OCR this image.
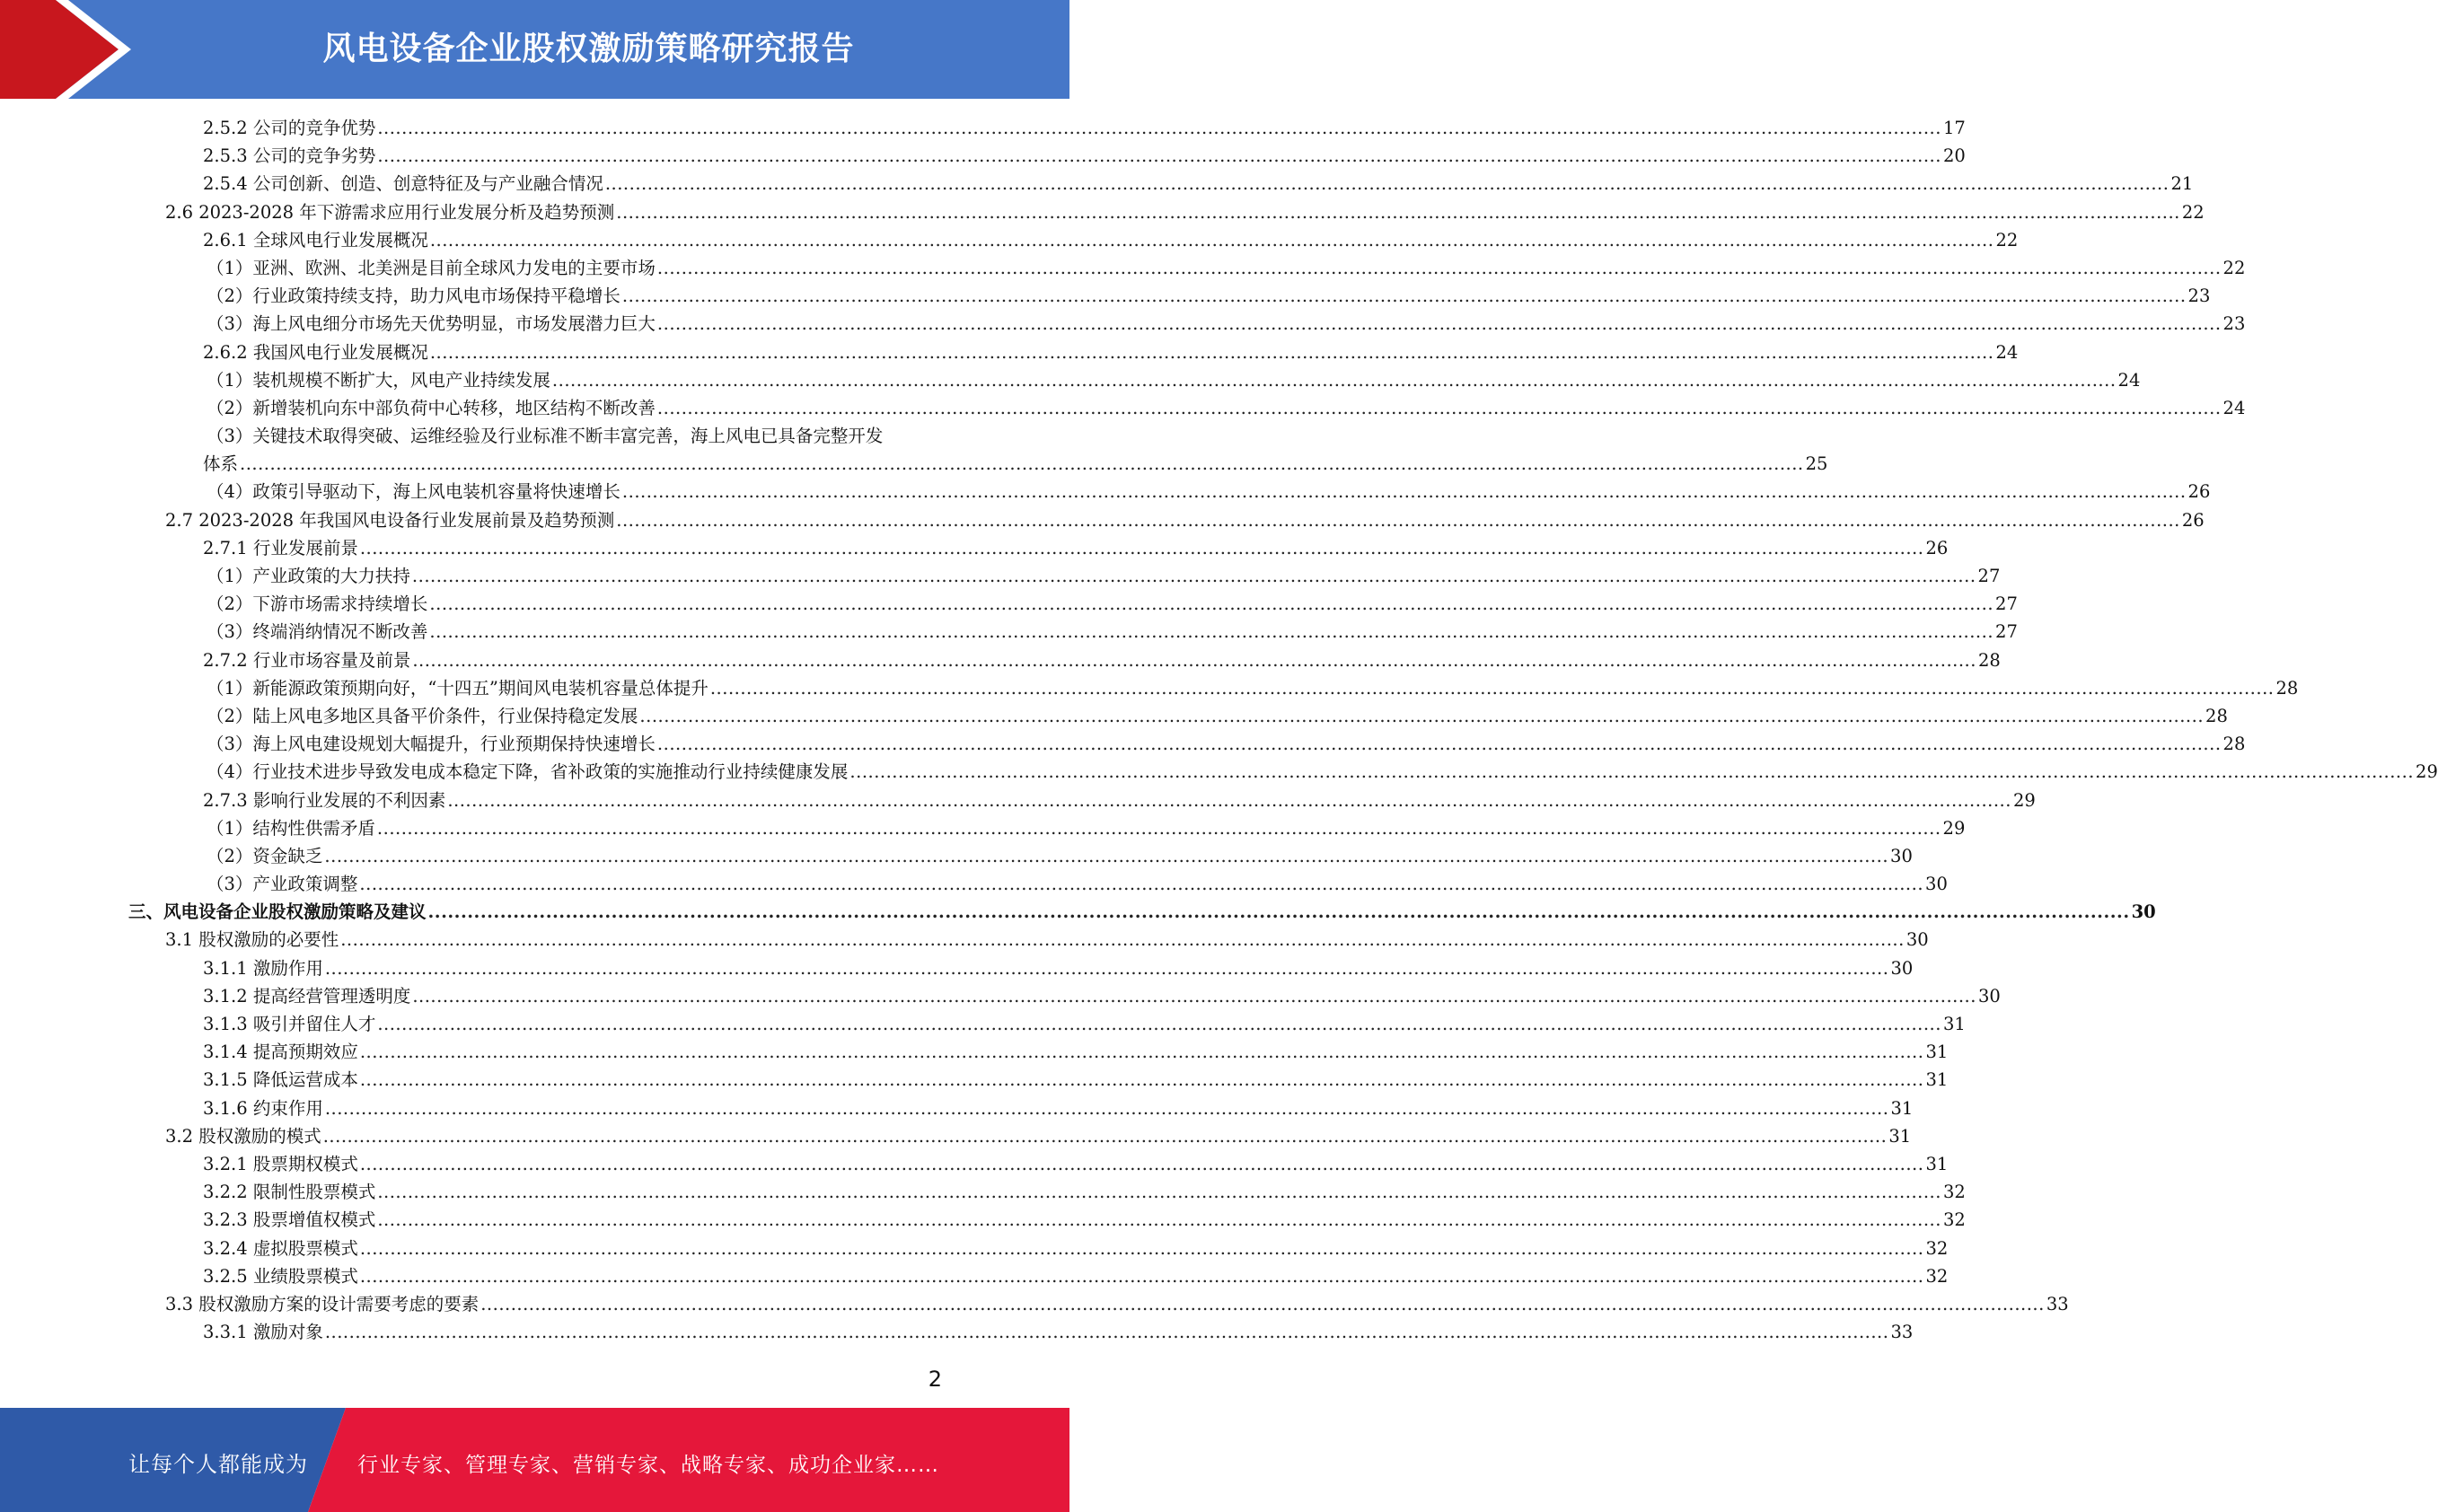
风电设备企业股权激励策略研究报告
2.5.2 公司的竞争优势 .................................................................................................................................................................................................................................................................... 17
2.5.3 公司的竞争劣势 .................................................................................................................................................................................................................................................................... 20
2.5.4 公司创新、创造、创意特征及与产业融合情况 .................................................................................................................................................................................................................................................................... 21
2.6 2023-2028 年下游需求应用行业发展分析及趋势预测 .................................................................................................................................................................................................................................................................... 22
2.6.1 全球风电行业发展概况 .................................................................................................................................................................................................................................................................... 22
（1）亚洲、欧洲、北美洲是目前全球风力发电的主要市场 .................................................................................................................................................................................................................................................................... 22
（2）行业政策持续支持，助力风电市场保持平稳增长 .................................................................................................................................................................................................................................................................... 23
（3）海上风电细分市场先天优势明显，市场发展潜力巨大 .................................................................................................................................................................................................................................................................... 23
2.6.2 我国风电行业发展概况 .................................................................................................................................................................................................................................................................... 24
（1）装机规模不断扩大，风电产业持续发展 .................................................................................................................................................................................................................................................................... 24
（2）新增装机向东中部负荷中心转移，地区结构不断改善 .................................................................................................................................................................................................................................................................... 24
（3）关键技术取得突破、运维经验及行业标准不断丰富完善，海上风电已具备完整开发
体系 .................................................................................................................................................................................................................................................................... 25
（4）政策引导驱动下，海上风电装机容量将快速增长 .................................................................................................................................................................................................................................................................... 26
2.7 2023-2028 年我国风电设备行业发展前景及趋势预测 .................................................................................................................................................................................................................................................................... 26
2.7.1 行业发展前景 .................................................................................................................................................................................................................................................................... 26
（1）产业政策的大力扶持 .................................................................................................................................................................................................................................................................... 27
（2）下游市场需求持续增长 .................................................................................................................................................................................................................................................................... 27
（3）终端消纳情况不断改善 .................................................................................................................................................................................................................................................................... 27
2.7.2 行业市场容量及前景 .................................................................................................................................................................................................................................................................... 28
（1）新能源政策预期向好，“十四五”期间风电装机容量总体提升 .................................................................................................................................................................................................................................................................... 28
（2）陆上风电多地区具备平价条件，行业保持稳定发展 .................................................................................................................................................................................................................................................................... 28
（3）海上风电建设规划大幅提升，行业预期保持快速增长 .................................................................................................................................................................................................................................................................... 28
（4）行业技术进步导致发电成本稳定下降，省补政策的实施推动行业持续健康发展 .................................................................................................................................................................................................................................................................... 29
2.7.3 影响行业发展的不利因素 .................................................................................................................................................................................................................................................................... 29
（1）结构性供需矛盾 .................................................................................................................................................................................................................................................................... 29
（2）资金缺乏 .................................................................................................................................................................................................................................................................... 30
（3）产业政策调整 .................................................................................................................................................................................................................................................................... 30
三、风电设备企业股权激励策略及建议 .................................................................................................................................................................................................................................................................... 30
3.1 股权激励的必要性 .................................................................................................................................................................................................................................................................... 30
3.1.1 激励作用 .................................................................................................................................................................................................................................................................... 30
3.1.2 提高经营管理透明度 .................................................................................................................................................................................................................................................................... 30
3.1.3 吸引并留住人才 .................................................................................................................................................................................................................................................................... 31
3.1.4 提高预期效应 .................................................................................................................................................................................................................................................................... 31
3.1.5 降低运营成本 .................................................................................................................................................................................................................................................................... 31
3.1.6 约束作用 .................................................................................................................................................................................................................................................................... 31
3.2 股权激励的模式 .................................................................................................................................................................................................................................................................... 31
3.2.1 股票期权模式 .................................................................................................................................................................................................................................................................... 31
3.2.2 限制性股票模式 .................................................................................................................................................................................................................................................................... 32
3.2.3 股票增值权模式 .................................................................................................................................................................................................................................................................... 32
3.2.4 虚拟股票模式 .................................................................................................................................................................................................................................................................... 32
3.2.5 业绩股票模式 .................................................................................................................................................................................................................................................................... 32
3.3 股权激励方案的设计需要考虑的要素 .................................................................................................................................................................................................................................................................... 33
3.3.1 激励对象 .................................................................................................................................................................................................................................................................... 33
2
让每个人都能成为 行业专家、管理专家、营销专家、战略专家、成功企业家……
